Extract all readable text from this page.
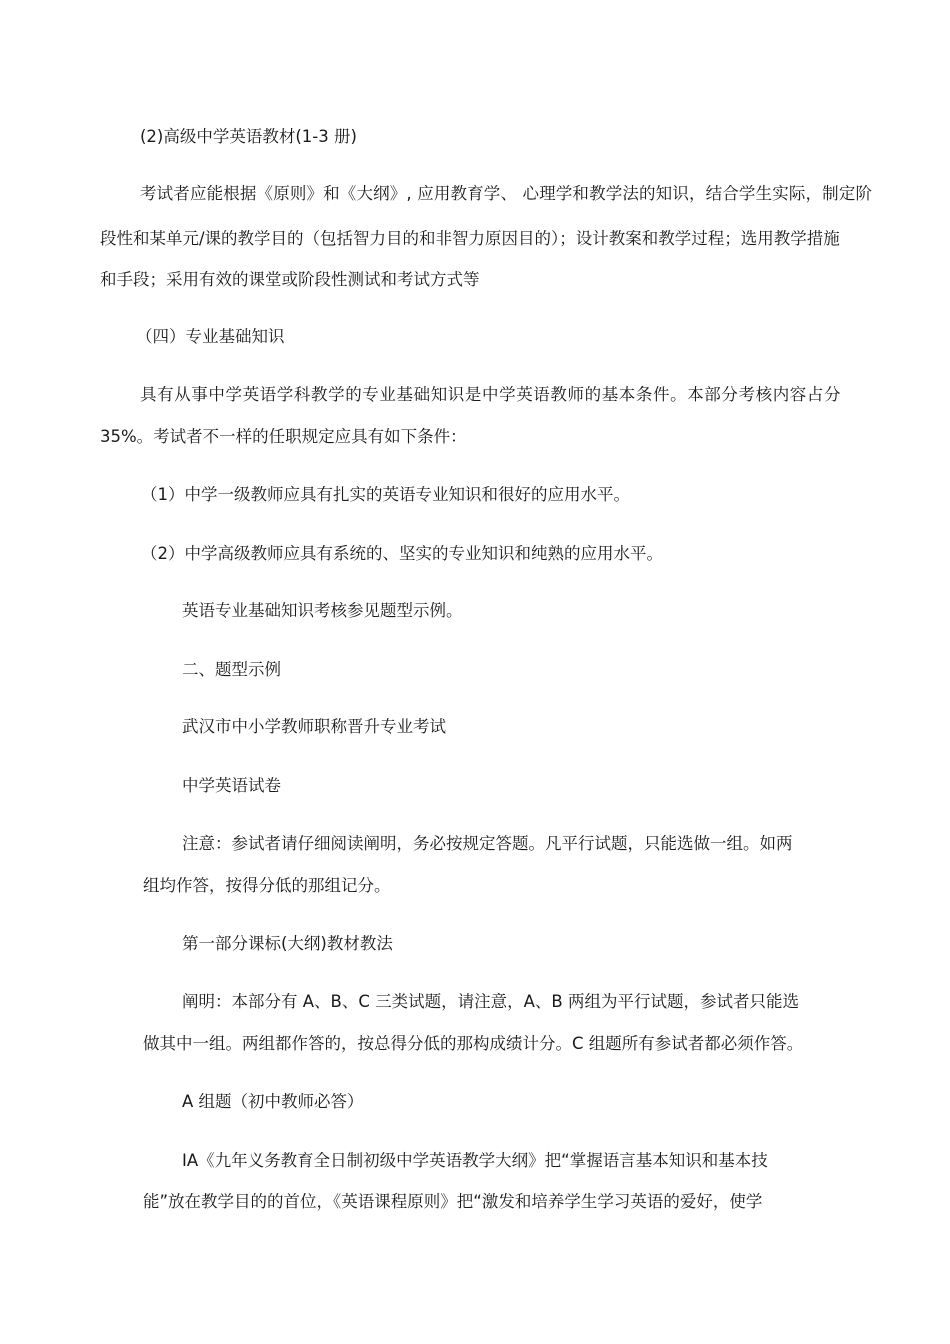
(2)高级中学英语教材(1-3 册)

考试者应能根据《原则》和《大纲》, 应用教育学、 心理学和教学法的知识，结合学生实际，制定阶

段性和某单元/课的教学目的（包括智力目的和非智力原因目的）；设计教案和教学过程；选用教学措施

和手段；采用有效的课堂或阶段性测试和考试方式等

（四）专业基础知识

具有从事中学英语学科教学的专业基础知识是中学英语教师的基本条件。本部分考核内容占分

35%。考试者不一样的任职规定应具有如下条件：

（1）中学一级教师应具有扎实的英语专业知识和很好的应用水平。

（2）中学高级教师应具有系统的、坚实的专业知识和纯熟的应用水平。

英语专业基础知识考核参见题型示例。

二、题型示例

武汉市中小学教师职称晋升专业考试

中学英语试卷

注意：参试者请仔细阅读阐明，务必按规定答题。凡平行试题，只能选做一组。如两

组均作答，按得分低的那组记分。

第一部分课标(大纲)教材教法

阐明：本部分有 A、B、C 三类试题，请注意，A、B 两组为平行试题，参试者只能选

做其中一组。两组都作答的，按总得分低的那构成绩计分。C 组题所有参试者都必须作答。

A 组题（初中教师必答）

IA《九年义务教育全日制初级中学英语教学大纲》把“掌握语言基本知识和基本技

能”放在教学目的的首位，《英语课程原则》把“激发和培养学生学习英语的爱好，使学
